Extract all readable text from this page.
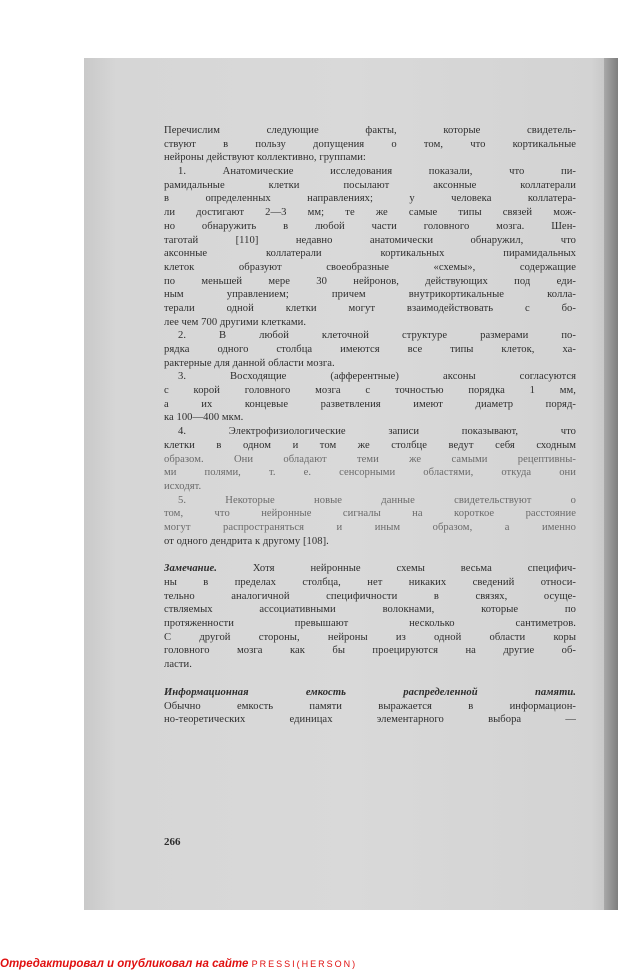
Перечислим следующие факты, которые свидетель-
ствуют в пользу допущения о том, что кортикальные
нейроны действуют коллективно, группами:
1. Анатомические исследования показали, что пи-
рамидальные клетки посылают аксонные коллатерали
в определенных направлениях; у человека коллатера-
ли достигают 2—3 мм; те же самые типы связей мож-
но обнаружить в любой части головного мозга. Шен-
таготай [110] недавно анатомически обнаружил, что
аксонные коллатерали кортикальных пирамидальных
клеток образуют своеобразные «схемы», содержащие
по меньшей мере 30 нейронов, действующих под еди-
ным управлением; причем внутрикортикальные колла-
терали одной клетки могут взаимодействовать с бо-
лее чем 700 другими клетками.
2. В любой клеточной структуре размерами по-
рядка одного столбца имеются все типы клеток, ха-
рактерные для данной области мозга.
3. Восходящие (афферентные) аксоны согласуются
с корой головного мозга с точностью порядка 1 мм,
а их концевые разветвления имеют диаметр поряд-
ка 100—400 мкм.
4. Электрофизиологические записи показывают, что
клетки в одном и том же столбце ведут себя сходным
образом. Они обладают теми же самыми рецептивны-
ми полями, т. е. сенсорными областями, откуда они
исходят.
5. Некоторые новые данные свидетельствуют о
том, что нейронные сигналы на короткое расстояние
могут распространяться и иным образом, а именно
от одного дендрита к другому [108].
Замечание. Хотя нейронные схемы весьма специфич-
ны в пределах столбца, нет никаких сведений относи-
тельно аналогичной специфичности в связях, осуще-
ствляемых ассоциативными волокнами, которые по
протяженности превышают несколько сантиметров.
С другой стороны, нейроны из одной области коры
головного мозга как бы проецируются на другие об-
ласти.
Информационная емкость распределенной памяти.
Обычно емкость памяти выражается в информацион-
но-теоретических единицах элементарного выбора —
266
Отредактировал и опубликовал на сайте PRESSI(HERSON)
